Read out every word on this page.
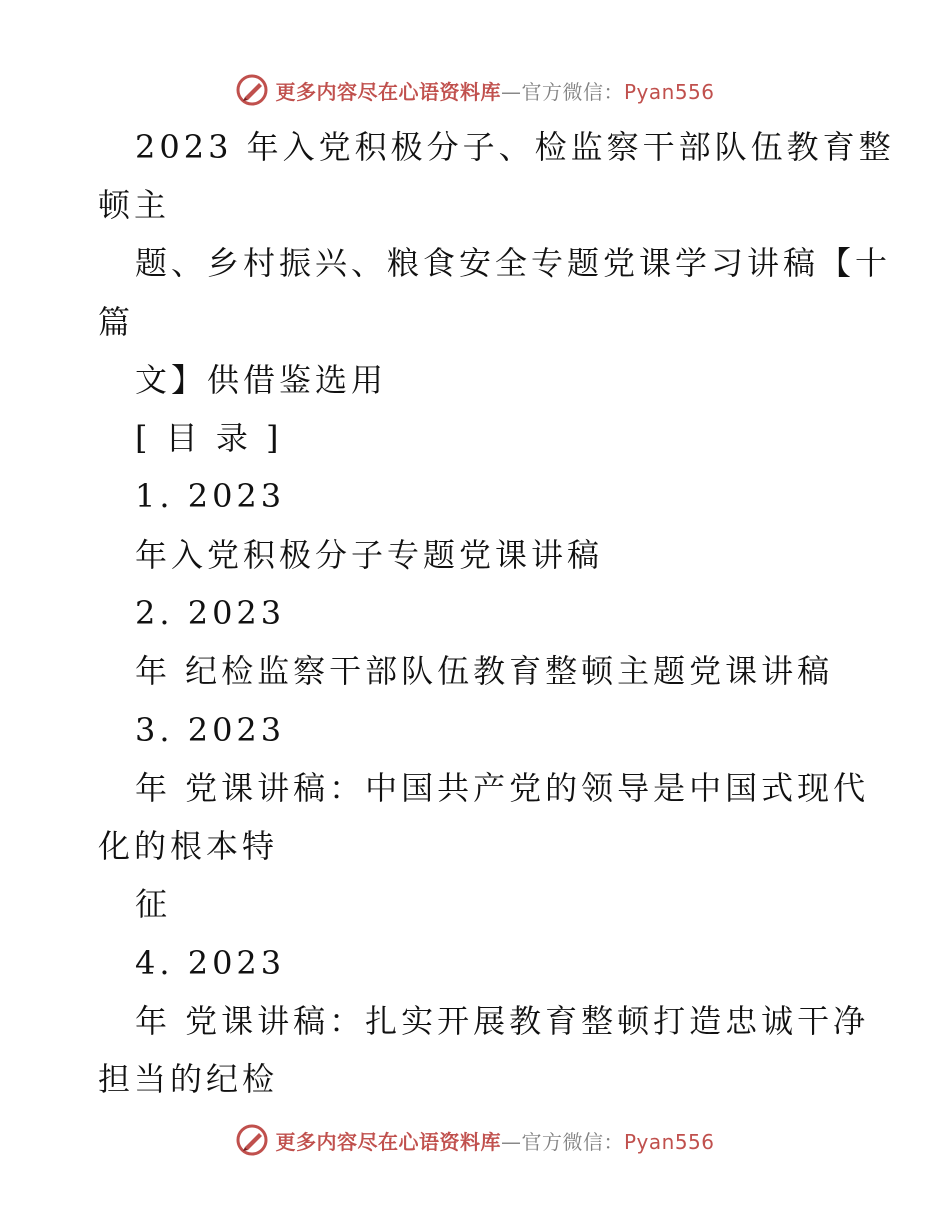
更多内容尽在心语资料库—官方微信：Pyan556
2023 年入党积极分子、检监察干部队伍教育整
顿主
题、乡村振兴、粮食安全专题党课学习讲稿【十
篇
文】供借鉴选用
[ 目 录 ]
1. 2023
年入党积极分子专题党课讲稿
2. 2023
年 纪检监察干部队伍教育整顿主题党课讲稿
3. 2023
年 党课讲稿：中国共产党的领导是中国式现代
化的根本特
征
4. 2023
年 党课讲稿：扎实开展教育整顿打造忠诚干净
担当的纪检
更多内容尽在心语资料库—官方微信：Pyan556
